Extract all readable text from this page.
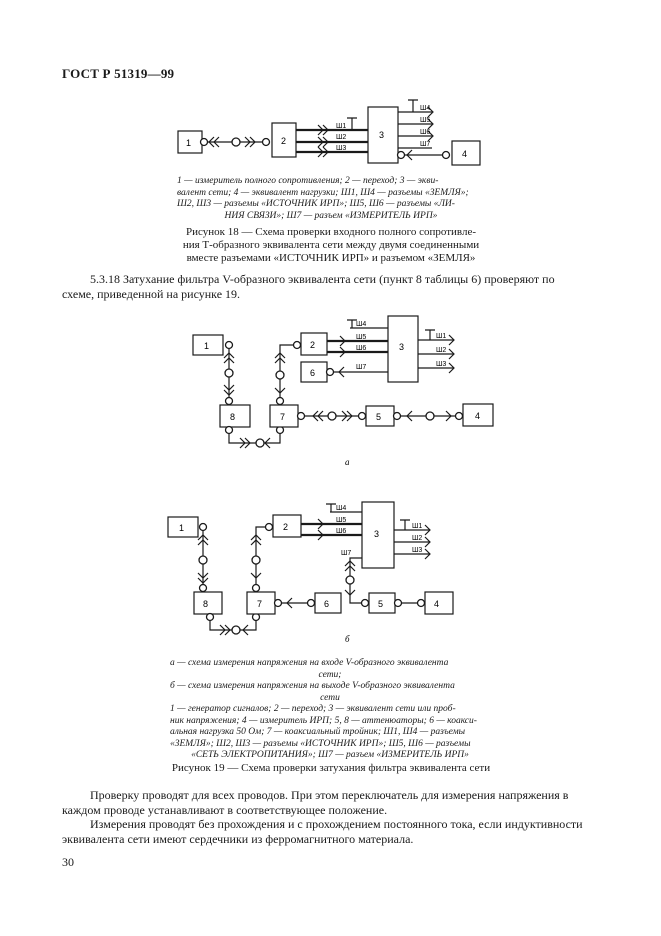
ГОСТ Р 51319—99
1	2
3
Ш1
Ш2
Ш3
Ш4
Ш5
Ш6
Ш7
4
1 — измеритель полного сопротивления; 2 — переход; 3 — экви-
валент сети; 4 — эквивалент нагрузки; Ш1, Ш4 — разъемы «ЗЕМЛЯ»;
Ш2, Ш3 — разъемы «ИСТОЧНИК ИРП»; Ш5, Ш6 — разъемы «ЛИ-
НИЯ СВЯЗИ»; Ш7 — разъем «ИЗМЕРИТЕЛЬ ИРП»
Рисунок 18 — Схема проверки входного полного сопротивле-
ния Т-образного эквивалента сети между двумя соединенными
вместе разъемами «ИСТОЧНИК ИРП» и разъемом «ЗЕМЛЯ»
5.3.18 Затухание фильтра V-образного эквивалента сети (пункт 8 таблицы 6) проверяют по
схеме, приведенной на рисунке 19.
1
8	7
2
Ш4
Ш5
Ш6
6
Ш7
3
Ш1
Ш2
Ш3
5	4
а
1
8	7
2
Ш4
Ш5
Ш6
Ш7
3
Ш1
Ш2
Ш3
6	5	4
б
а — схема измерения напряжения на входе V-образного эквивалента
сети;
б — схема измерения напряжения на выходе V-образного эквивалента
сети
1 — генератор сигналов; 2 — переход; 3 — эквивалент сети или проб-
ник напряжения; 4 — измеритель ИРП; 5, 8 — аттенюаторы; 6 — коакси-
альная нагрузка 50 Ом; 7 — коаксиальный тройник; Ш1, Ш4 — разъемы
«ЗЕМЛЯ»; Ш2, Ш3 — разъемы «ИСТОЧНИК ИРП»; Ш5, Ш6 — разъемы
«СЕТЬ ЭЛЕКТРОПИТАНИЯ»; Ш7 — разъем «ИЗМЕРИТЕЛЬ ИРП»
Рисунок 19 — Схема проверки затухания фильтра эквивалента сети
Проверку проводят для всех проводов. При этом переключатель для измерения напряжения в
каждом проводе устанавливают в соответствующее положение.
Измерения проводят без прохождения и с прохождением постоянного тока, если индуктивности
эквивалента сети имеют сердечники из ферромагнитного материала.
30
